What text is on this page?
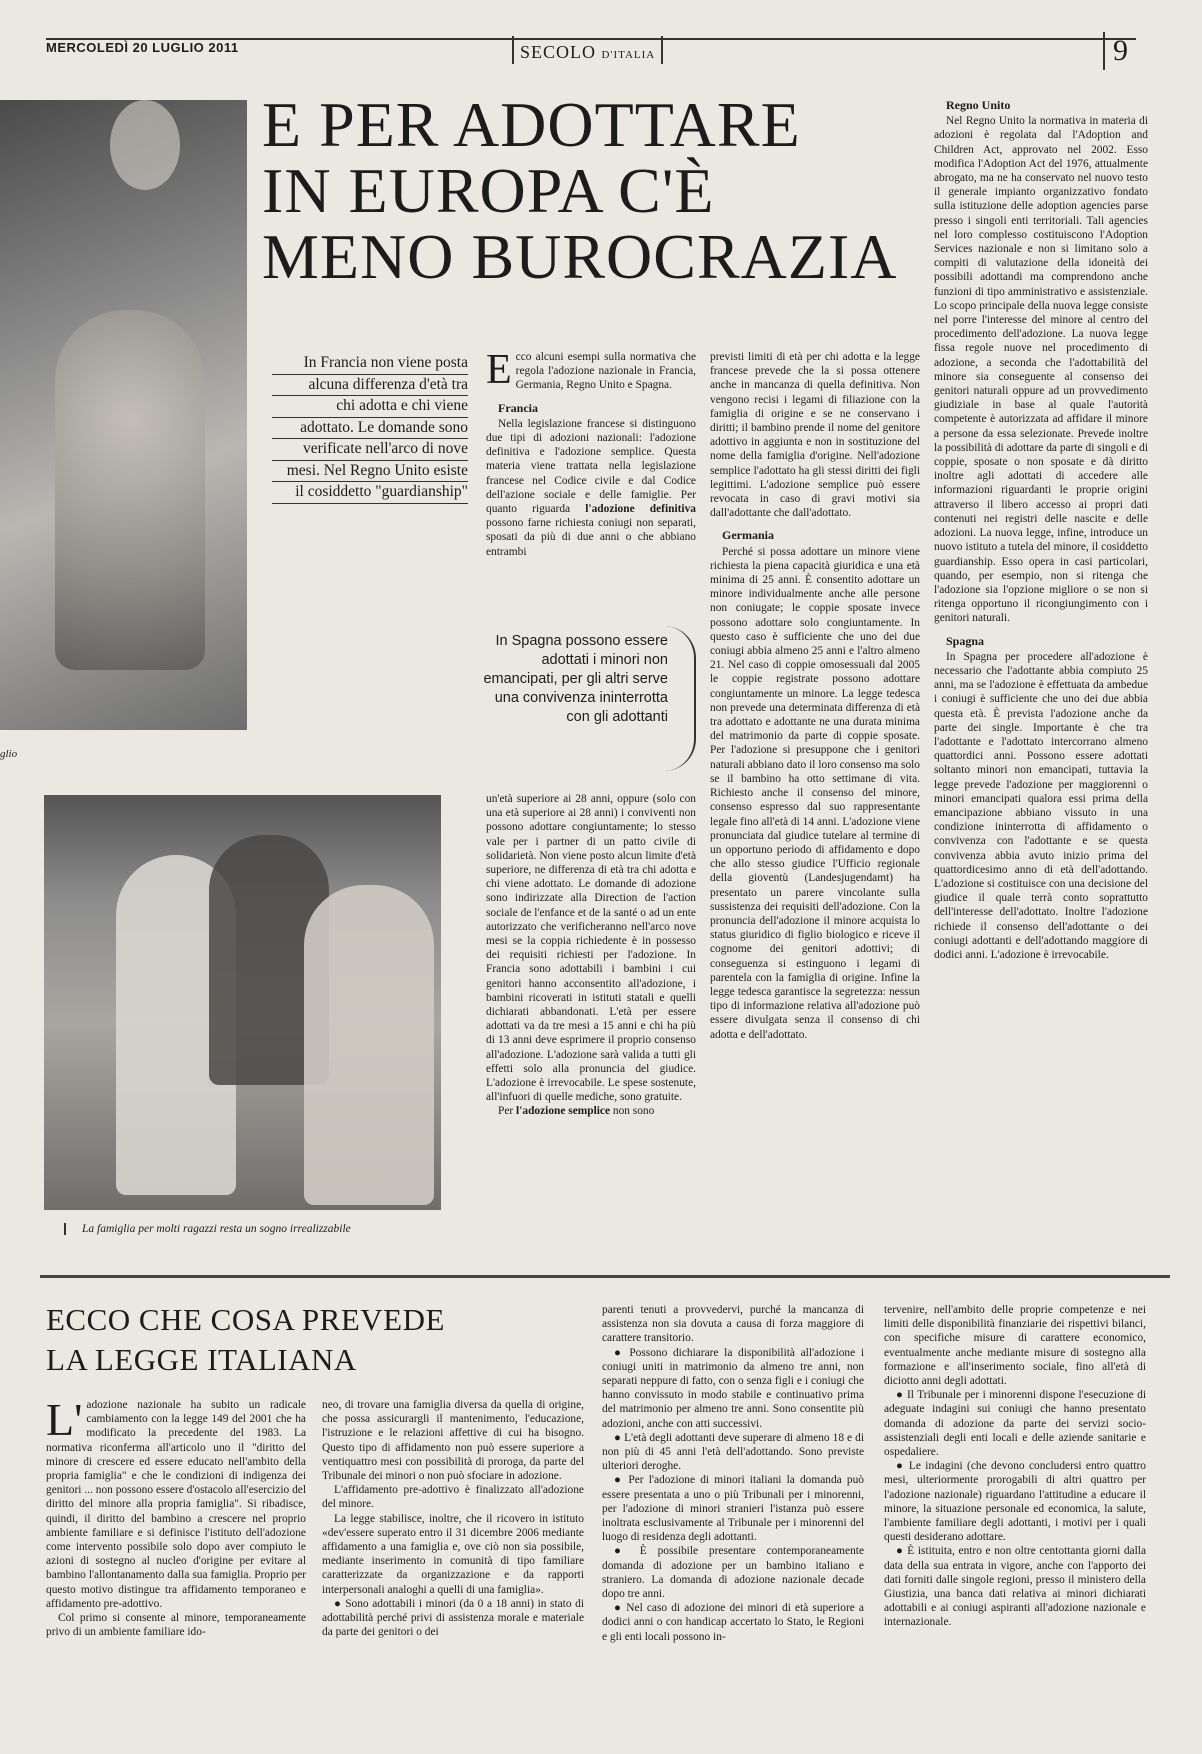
MERCOLEDÌ 20 LUGLIO 2011	SECOLO D'ITALIA	9
glio
E PER ADOTTARE
IN EUROPA C'È
MENO BUROCRAZIA
In Francia non viene posta
alcuna differenza d'età tra
chi adotta e chi viene
adottato. Le domande sono
verificate nell'arco di nove
mesi. Nel Regno Unito esiste
il cosiddetto "guardianship"

Ecco alcuni esempi sulla normativa che regola l'adozione nazionale in Francia, Germania, Regno Unito e Spagna.

Francia

Nella legislazione francese si distinguono due tipi di adozioni nazionali: l'adozione definitiva e l'adozione semplice. Questa materia viene trattata nella legislazione francese nel Codice civile e dal Codice dell'azione sociale e delle famiglie. Per quanto riguarda l'adozione definitiva possono farne richiesta coniugi non separati, sposati da più di due anni o che abbiano entrambi

In Spagna possono essere adottati i minori non emancipati, per gli altri serve una convivenza ininterrotta con gli adottanti

un'età superiore ai 28 anni, oppure (solo con una età superiore ai 28 anni) i conviventi non possono adottare congiuntamente; lo stesso vale per i partner di un patto civile di solidarietà. Non viene posto alcun limite d'età superiore, ne differenza di età tra chi adotta e chi viene adottato. Le domande di adozione sono indirizzate alla Direction de l'action sociale de l'enfance et de la santé o ad un ente autorizzato che verificheranno nell'arco nove mesi se la coppia richiedente è in possesso dei requisiti richiesti per l'adozione. In Francia sono adottabili i bambini i cui genitori hanno acconsentito all'adozione, i bambini ricoverati in istituti statali e quelli dichiarati abbandonati. L'età per essere adottati va da tre mesi a 15 anni e chi ha più di 13 anni deve esprimere il proprio consenso all'adozione. L'adozione sarà valida a tutti gli effetti solo alla pronuncia del giudice. L'adozione è irrevocabile. Le spese sostenute, all'infuori di quelle mediche, sono gratuite.

Per l'adozione semplice non sono

previsti limiti di età per chi adotta e la legge francese prevede che la si possa ottenere anche in mancanza di quella definitiva. Non vengono recisi i legami di filiazione con la famiglia di origine e se ne conservano i diritti; il bambino prende il nome del genitore adottivo in aggiunta e non in sostituzione del nome della famiglia d'origine. Nell'adozione semplice l'adottato ha gli stessi diritti dei figli legittimi. L'adozione semplice può essere revocata in caso di gravi motivi sia dall'adottante che dall'adottato.

Germania

Perché si possa adottare un minore viene richiesta la piena capacità giuridica e una età minima di 25 anni. È consentito adottare un minore individualmente anche alle persone non coniugate; le coppie sposate invece possono adottare solo congiuntamente. In questo caso è sufficiente che uno dei due coniugi abbia almeno 25 anni e l'altro almeno 21. Nel caso di coppie omosessuali dal 2005 le coppie registrate possono adottare congiuntamente un minore. La legge tedesca non prevede una determinata differenza di età tra adottato e adottante ne una durata minima del matrimonio da parte di coppie sposate. Per l'adozione si presuppone che i genitori naturali abbiano dato il loro consenso ma solo se il bambino ha otto settimane di vita. Richiesto anche il consenso del minore, consenso espresso dal suo rappresentante legale fino all'età di 14 anni. L'adozione viene pronunciata dal giudice tutelare al termine di un opportuno periodo di affidamento e dopo che allo stesso giudice l'Ufficio regionale della gioventù (Landesjugendamt) ha presentato un parere vincolante sulla sussistenza dei requisiti dell'adozione. Con la pronuncia dell'adozione il minore acquista lo status giuridico di figlio biologico e riceve il cognome dei genitori adottivi; di conseguenza si estinguono i legami di parentela con la famiglia di origine. Infine la legge tedesca garantisce la segretezza: nessun tipo di informazione relativa all'adozione può essere divulgata senza il consenso di chi adotta e dell'adottato.

Regno Unito

Nel Regno Unito la normativa in materia di adozioni è regolata dal l'Adoption and Children Act, approvato nel 2002. Esso modifica l'Adoption Act del 1976, attualmente abrogato, ma ne ha conservato nel nuovo testo il generale impianto organizzativo fondato sulla istituzione delle adoption agencies parse presso i singoli enti territoriali. Tali agencies nel loro complesso costituiscono l'Adoption Services nazionale e non si limitano solo a compiti di valutazione della idoneità dei possibili adottandi ma comprendono anche funzioni di tipo amministrativo e assistenziale. Lo scopo principale della nuova legge consiste nel porre l'interesse del minore al centro del procedimento dell'adozione. La nuova legge fissa regole nuove nel procedimento di adozione, a seconda che l'adottabilità del minore sia conseguente al consenso dei genitori naturali oppure ad un provvedimento giudiziale in base al quale l'autorità competente è autorizzata ad affidare il minore a persone da essa selezionate. Prevede inoltre la possibilità di adottare da parte di singoli e di coppie, sposate o non sposate e dà diritto inoltre agli adottati di accedere alle informazioni riguardanti le proprie origini attraverso il libero accesso ai propri dati contenuti nei registri delle nascite e delle adozioni. La nuova legge, infine, introduce un nuovo istituto a tutela del minore, il cosiddetto guardianship. Esso opera in casi particolari, quando, per esempio, non si ritenga che l'adozione sia l'opzione migliore o se non si ritenga opportuno il ricongiungimento con i genitori naturali.

Spagna

In Spagna per procedere all'adozione è necessario che l'adottante abbia compiuto 25 anni, ma se l'adozione è effettuata da ambedue i coniugi è sufficiente che uno dei due abbia questa età. È prevista l'adozione anche da parte dei single. Importante è che tra l'adottante e l'adottato intercorrano almeno quattordici anni. Possono essere adottati soltanto minori non emancipati, tuttavia la legge prevede l'adozione per maggiorenni o minori emancipati qualora essi prima della emancipazione abbiano vissuto in una condizione ininterrotta di affidamento o convivenza con l'adottante e se questa convivenza abbia avuto inizio prima del quattordicesimo anno di età dell'adottando. L'adozione si costituisce con una decisione del giudice il quale terrà conto soprattutto dell'interesse dell'adottato. Inoltre l'adozione richiede il consenso dell'adottante o dei coniugi adottanti e dell'adottando maggiore di dodici anni. L'adozione è irrevocabile.

La famiglia per molti ragazzi resta un sogno irrealizzabile
ECCO CHE COSA PREVEDE
LA LEGGE ITALIANA

L' adozione nazionale ha subito un radicale cambiamento con la legge 149 del 2001 che ha modificato la precedente del 1983. La normativa riconferma all'articolo uno il "diritto del minore di crescere ed essere educato nell'ambito della propria famiglia" e che le condizioni di indigenza dei genitori ... non possono essere d'ostacolo all'esercizio del diritto del minore alla propria famiglia". Si ribadisce, quindi, il diritto del bambino a crescere nel proprio ambiente familiare e si definisce l'istituto dell'adozione come intervento possibile solo dopo aver compiuto le azioni di sostegno al nucleo d'origine per evitare al bambino l'allontanamento dalla sua famiglia. Proprio per questo motivo distingue tra affidamento temporaneo e affidamento pre-adottivo.

Col primo si consente al minore, temporaneamente privo di un ambiente familiare ido-

neo, di trovare una famiglia diversa da quella di origine, che possa assicurargli il mantenimento, l'educazione, l'istruzione e le relazioni affettive di cui ha bisogno. Questo tipo di affidamento non può essere superiore a ventiquattro mesi con possibilità di proroga, da parte del Tribunale dei minori o non può sfociare in adozione.

L'affidamento pre-adottivo è finalizzato all'adozione del minore.

La legge stabilisce, inoltre, che il ricovero in istituto «dev'essere superato entro il 31 dicembre 2006 mediante affidamento a una famiglia e, ove ciò non sia possibile, mediante inserimento in comunità di tipo familiare caratterizzate da organizzazione e da rapporti interpersonali analoghi a quelli di una famiglia».

● Sono adottabili i minori (da 0 a 18 anni) in stato di adottabilità perché privi di assistenza morale e materiale da parte dei genitori o dei

parenti tenuti a provvedervi, purché la mancanza di assistenza non sia dovuta a causa di forza maggiore di carattere transitorio.

● Possono dichiarare la disponibilità all'adozione i coniugi uniti in matrimonio da almeno tre anni, non separati neppure di fatto, con o senza figli e i coniugi che hanno convissuto in modo stabile e continuativo prima del matrimonio per almeno tre anni. Sono consentite più adozioni, anche con atti successivi.

● L'età degli adottanti deve superare di almeno 18 e di non più di 45 anni l'età dell'adottando. Sono previste ulteriori deroghe.

● Per l'adozione di minori italiani la domanda può essere presentata a uno o più Tribunali per i minorenni, per l'adozione di minori stranieri l'istanza può essere inoltrata esclusivamente al Tribunale per i minorenni del luogo di residenza degli adottanti.

● È possibile presentare contemporaneamente domanda di adozione per un bambino italiano e straniero. La domanda di adozione nazionale decade dopo tre anni.

● Nel caso di adozione dei minori di età superiore a dodici anni o con handicap accertato lo Stato, le Regioni e gli enti locali possono in-

tervenire, nell'ambito delle proprie competenze e nei limiti delle disponibilità finanziarie dei rispettivi bilanci, con specifiche misure di carattere economico, eventualmente anche mediante misure di sostegno alla formazione e all'inserimento sociale, fino all'età di diciotto anni degli adottati.

● Il Tribunale per i minorenni dispone l'esecuzione di adeguate indagini sui coniugi che hanno presentato domanda di adozione da parte dei servizi socio-assistenziali degli enti locali e delle aziende sanitarie e ospedaliere.

● Le indagini (che devono concludersi entro quattro mesi, ulteriormente prorogabili di altri quattro per l'adozione nazionale) riguardano l'attitudine a educare il minore, la situazione personale ed economica, la salute, l'ambiente familiare degli adottanti, i motivi per i quali questi desiderano adottare.

● È istituita, entro e non oltre centottanta giorni dalla data della sua entrata in vigore, anche con l'apporto dei dati forniti dalle singole regioni, presso il ministero della Giustizia, una banca dati relativa ai minori dichiarati adottabili e ai coniugi aspiranti all'adozione nazionale e internazionale.
